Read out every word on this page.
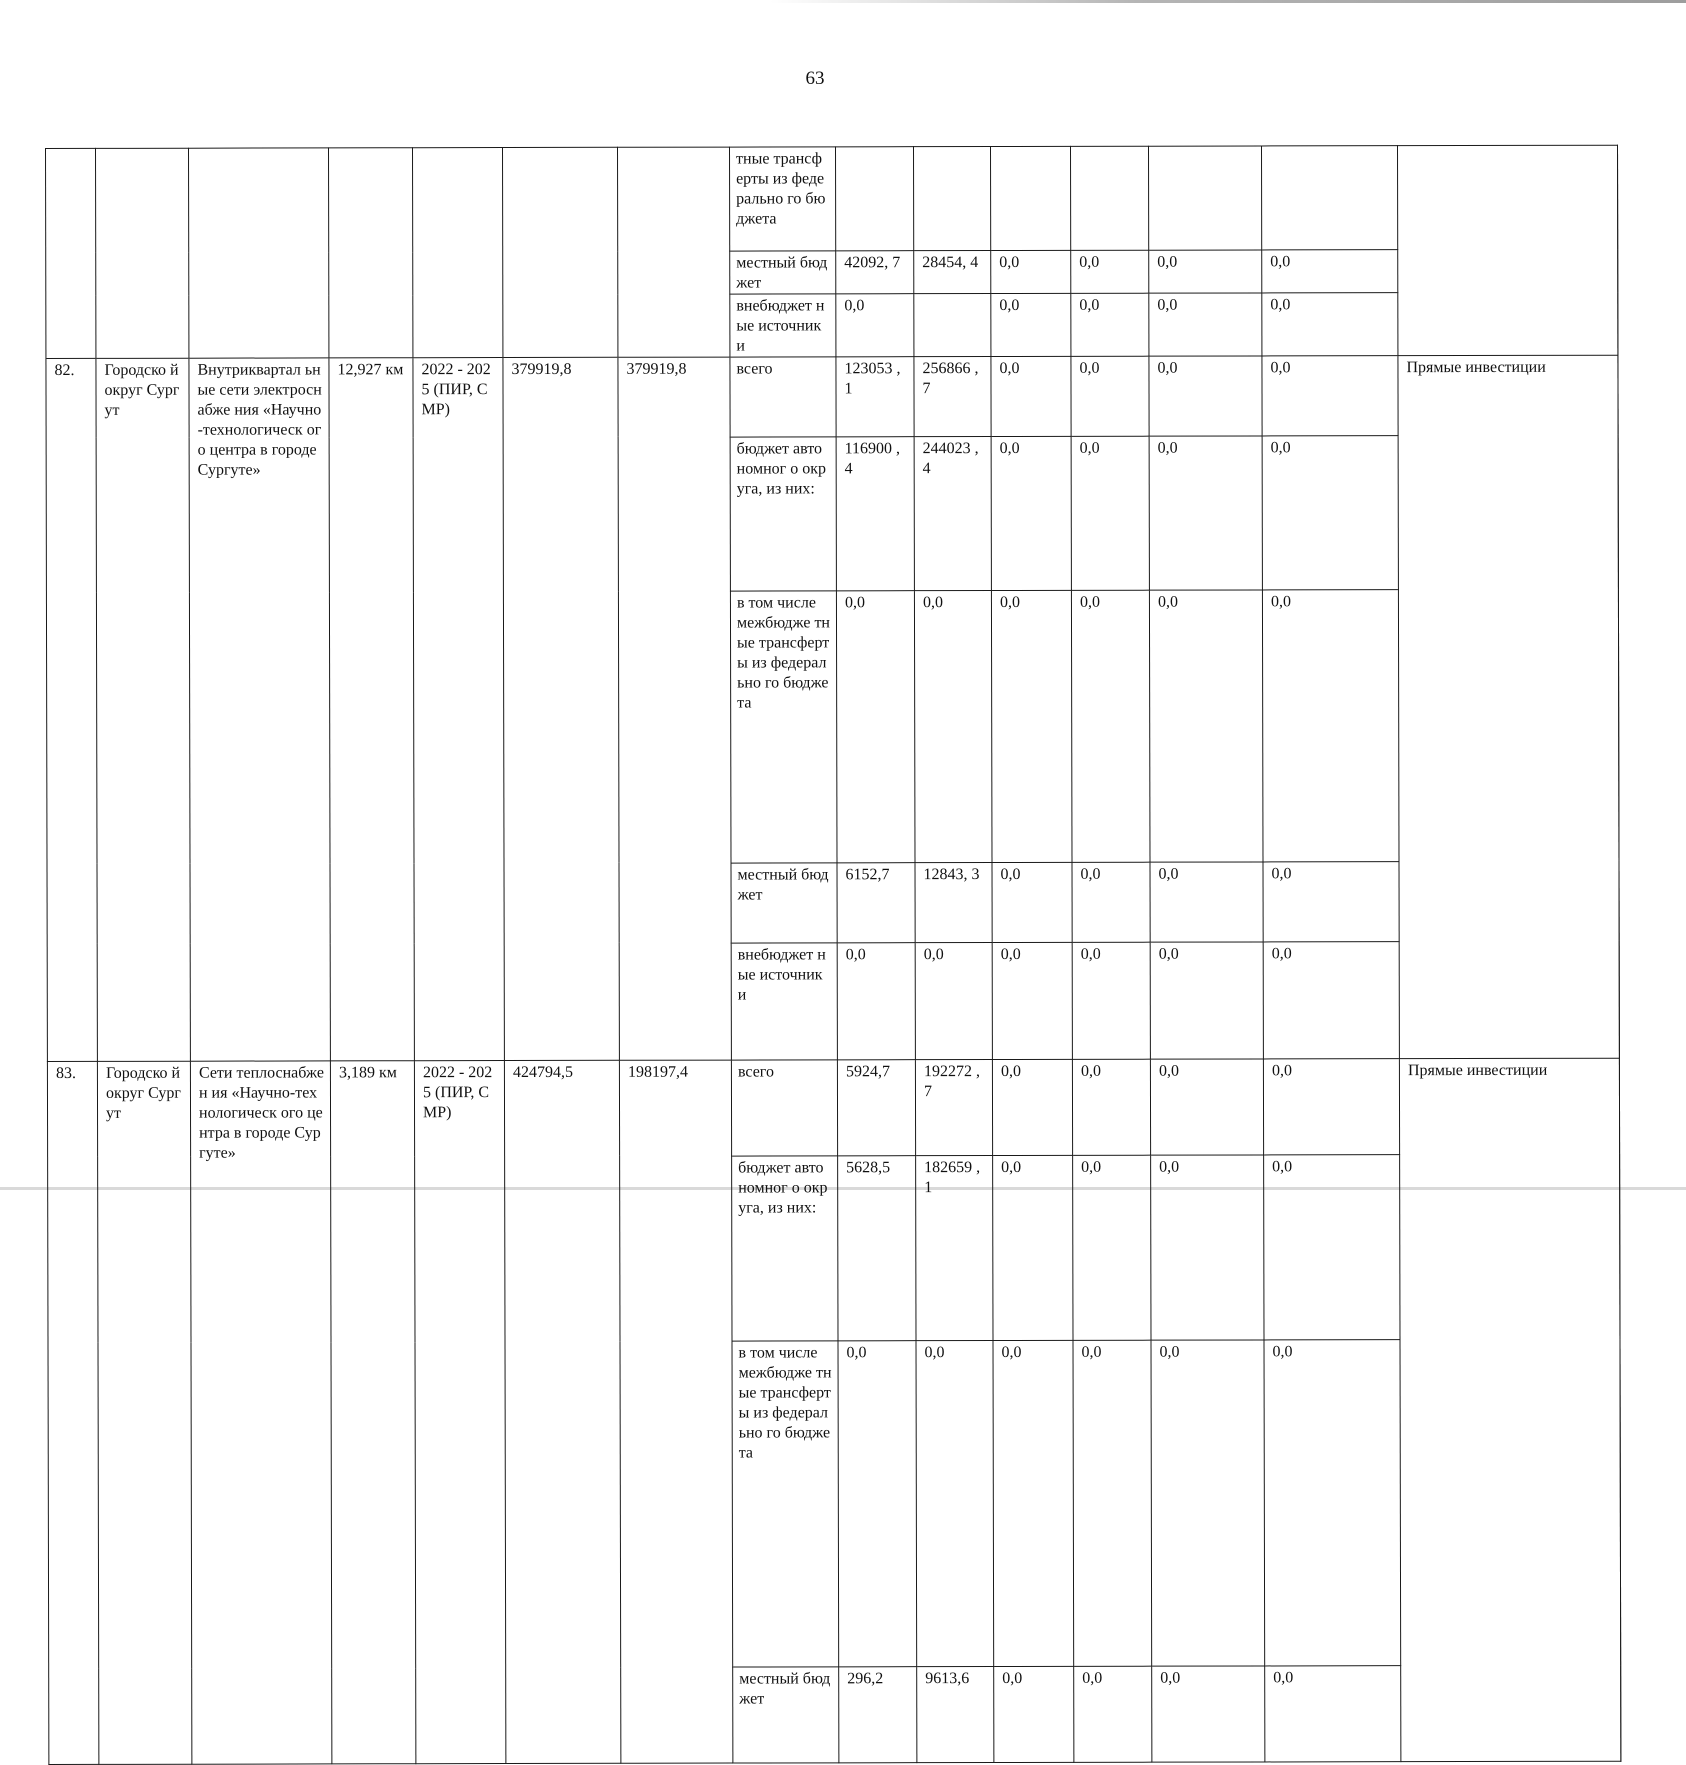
63
							тные трансферты из федерально го бюджета								
							местный бюджет	42092, 7	28454, 4	0,0	0,0	0,0	0,0		
							внебюджет ные источники	0,0		0,0	0,0	0,0	0,0		
82.	Городско й округ Сургут	Внутриквартал ьные сети электроснабже ния «Научно-технологическ ого центра в городе Сургуте»	12,927 км	2022 - 2025 (ПИР, СМР)	379919,8	379919,8	всего	123053 ,1	256866 ,7	0,0	0,0	0,0	0,0	Прямые инвестиции	
							бюджет автономног о округа, из них:	116900 ,4	244023 ,4	0,0	0,0	0,0	0,0		
							в том числе межбюдже тные трансферты из федерально го бюджета	0,0	0,0	0,0	0,0	0,0	0,0		
							местный бюджет	6152,7	12843, 3	0,0	0,0	0,0	0,0		
							внебюджет ные источники	0,0	0,0	0,0	0,0	0,0	0,0		
83.	Городско й округ Сургут	Сети теплоснабжен ия «Научно-технологическ ого центра в городе Сургуте»	3,189 км	2022 - 2025 (ПИР, СМР)	424794,5	198197,4	всего	5924,7	192272 ,7	0,0	0,0	0,0	0,0	Прямые инвестиции	
							бюджет автономног о округа, из них:	5628,5	182659 ,1	0,0	0,0	0,0	0,0		
							в том числе межбюдже тные трансферты из федерально го бюджета	0,0	0,0	0,0	0,0	0,0	0,0		
							местный бюджет	296,2	9613,6	0,0	0,0	0,0	0,0		
